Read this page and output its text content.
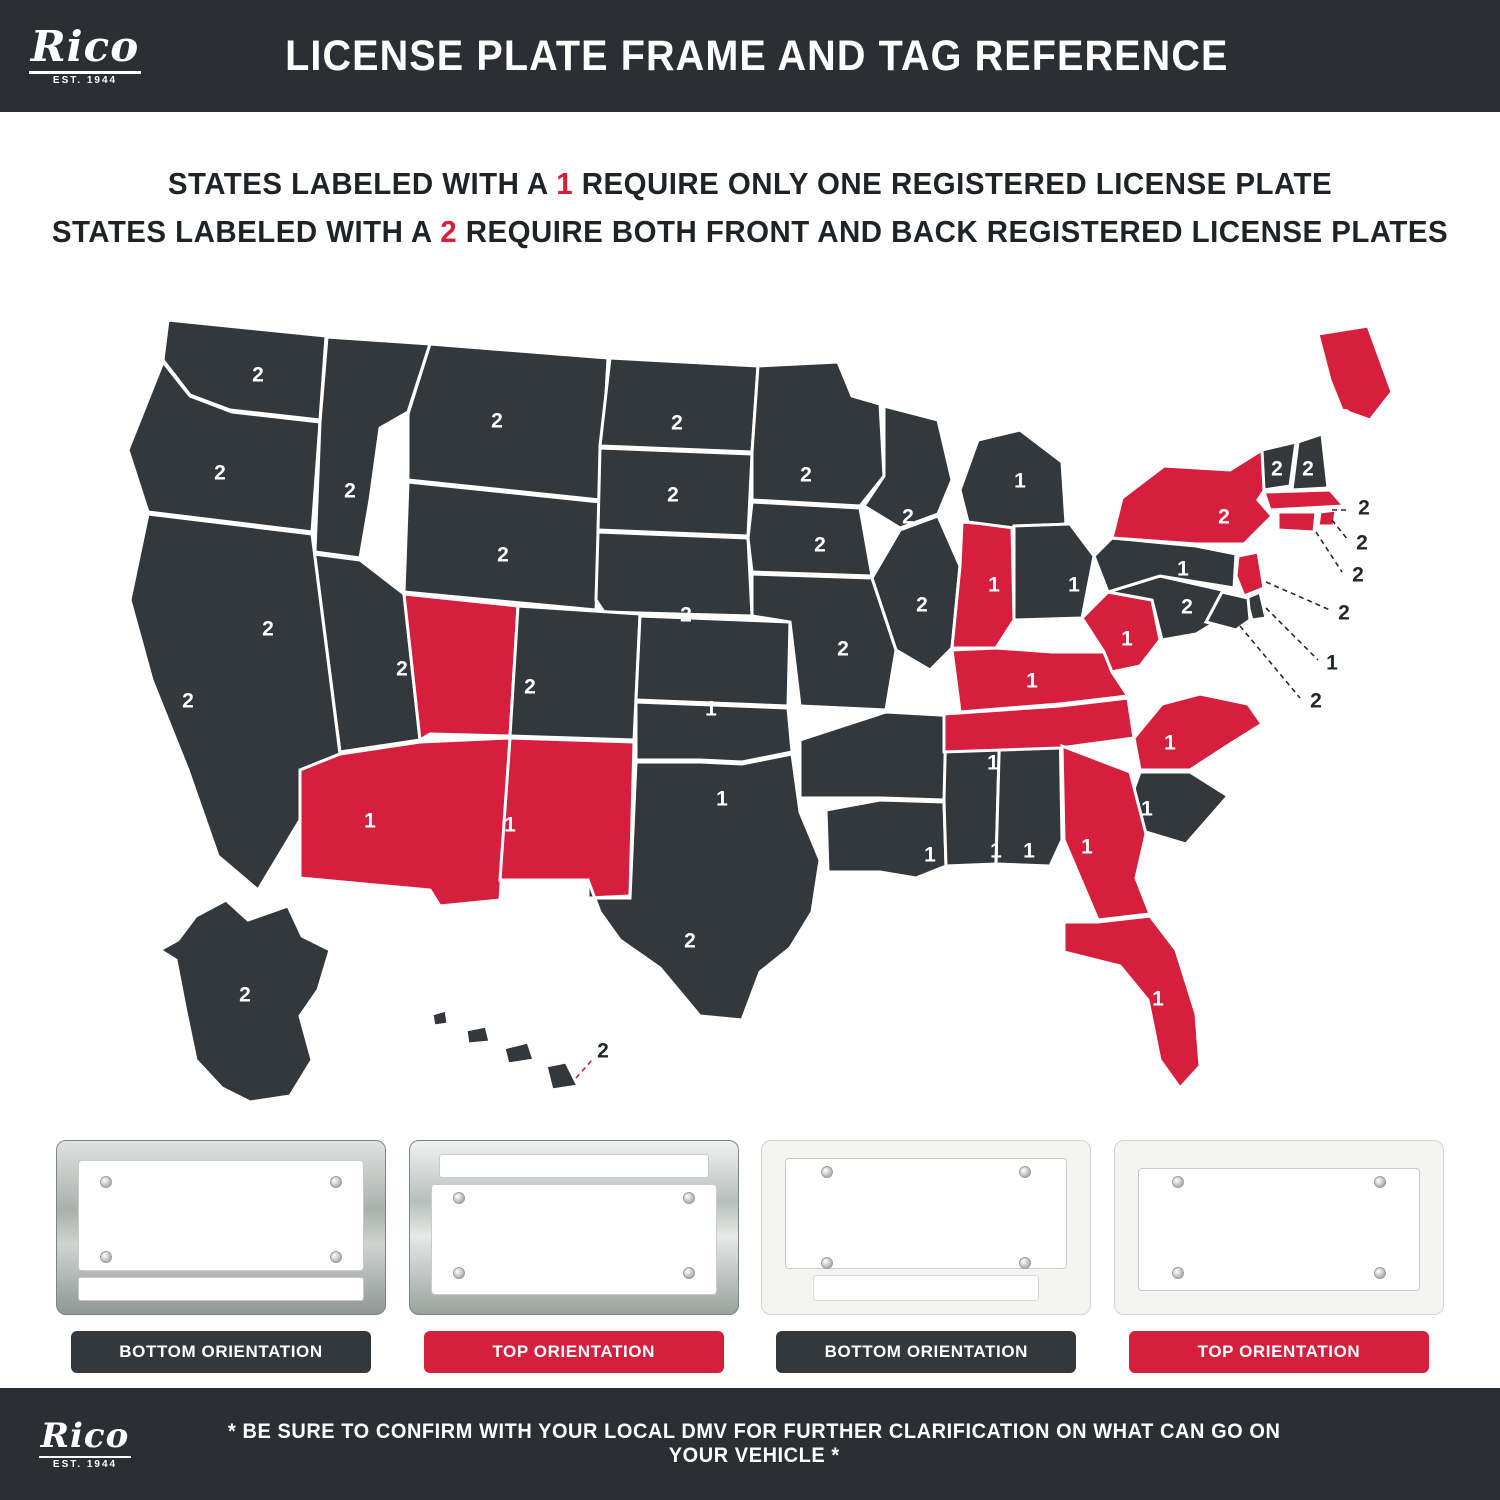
Rico
EST. 1944
LICENSE PLATE FRAME AND TAG REFERENCE
STATES LABELED WITH A 1 REQUIRE ONLY ONE REGISTERED LICENSE PLATE
STATES LABELED WITH A 2 REQUIRE BOTH FRONT AND BACK REGISTERED LICENSE PLATES
2
2
2
2
2
2
2
2
2
2
2
2
1	1
1
1
2
2
2
2
2
2
1
1
1
1
1
2
1
2
2
2 2
1
1
1
1
1
1
1
1
1
2
2
2
2
2
1
2
2
BOTTOM ORIENTATION	TOP ORIENTATION	BOTTOM ORIENTATION	TOP ORIENTATION
Rico
EST. 1944
* BE SURE TO CONFIRM WITH YOUR LOCAL DMV FOR FURTHER CLARIFICATION ON WHAT CAN GO ON YOUR VEHICLE *
